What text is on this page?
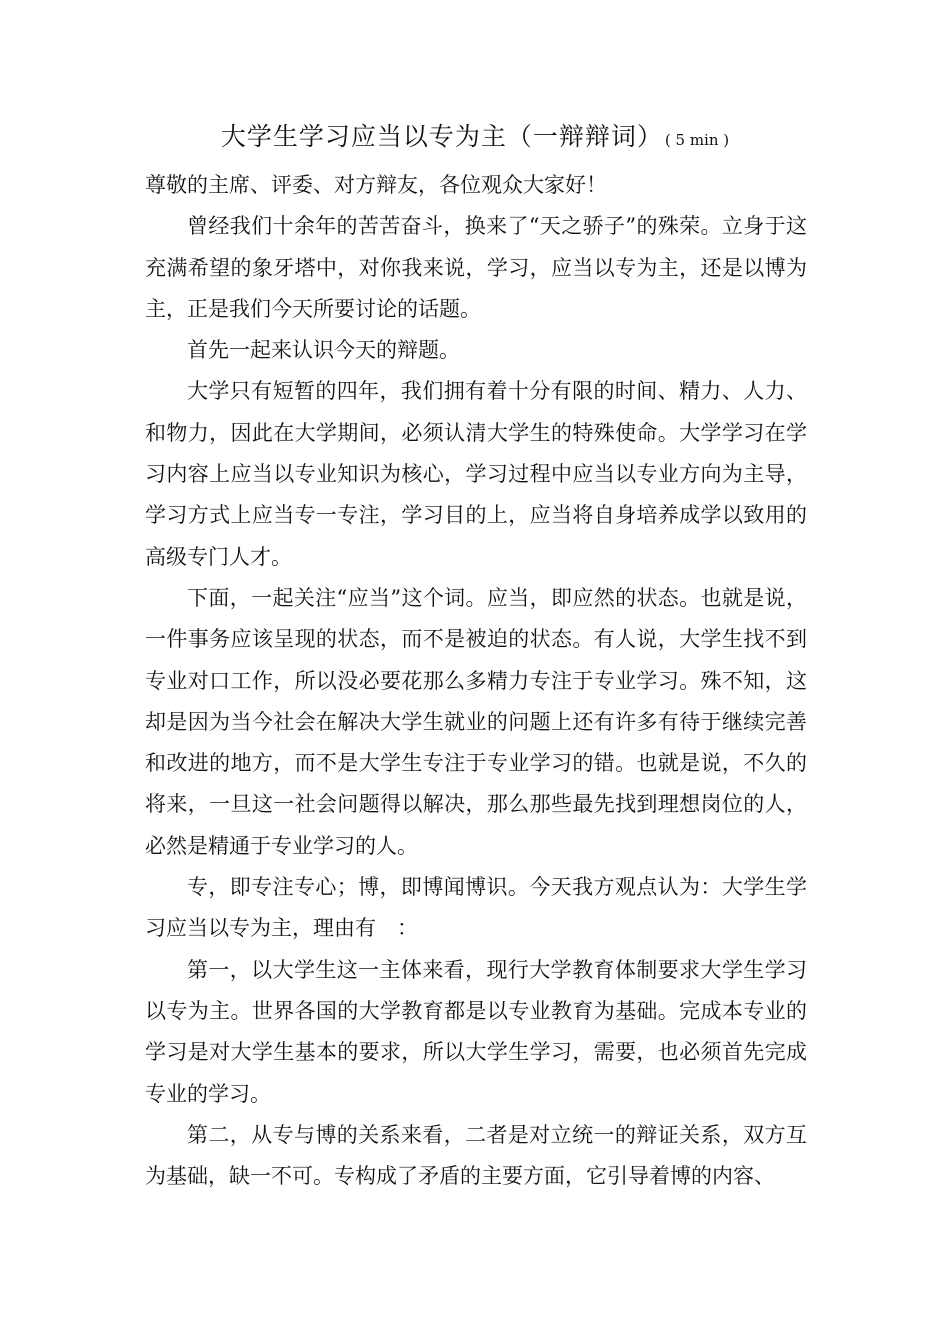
大学生学习应当以专为主（一辩辩词） ( 5 min )

尊敬的主席、评委、对方辩友，各位观众大家好！

曾经我们十余年的苦苦奋斗，换来了“天之骄子”的殊荣。立身于这充满希望的象牙塔中，对你我来说，学习，应当以专为主，还是以博为主，正是我们今天所要讨论的话题。

首先一起来认识今天的辩题。

大学只有短暂的四年，我们拥有着十分有限的时间、精力、人力、和物力，因此在大学期间，必须认清大学生的特殊使命。大学学习在学习内容上应当以专业知识为核心，学习过程中应当以专业方向为主导，学习方式上应当专一专注，学习目的上，应当将自身培养成学以致用的高级专门人才。

下面，一起关注“应当”这个词。应当，即应然的状态。也就是说，一件事务应该呈现的状态，而不是被迫的状态。有人说，大学生找不到专业对口工作，所以没必要花那么多精力专注于专业学习。殊不知，这却是因为当今社会在解决大学生就业的问题上还有许多有待于继续完善和改进的地方，而不是大学生专注于专业学习的错。也就是说，不久的将来，一旦这一社会问题得以解决，那么那些最先找到理想岗位的人，必然是精通于专业学习的人。

专，即专注专心；博，即博闻博识。今天我方观点认为：大学生学习应当以专为主，理由有　：

第一，以大学生这一主体来看，现行大学教育体制要求大学生学习以专为主。世界各国的大学教育都是以专业教育为基础。完成本专业的学习是对大学生基本的要求，所以大学生学习，需要，也必须首先完成专业的学习。

第二，从专与博的关系来看，二者是对立统一的辩证关系，双方互为基础，缺一不可。专构成了矛盾的主要方面，它引导着博的内容、
